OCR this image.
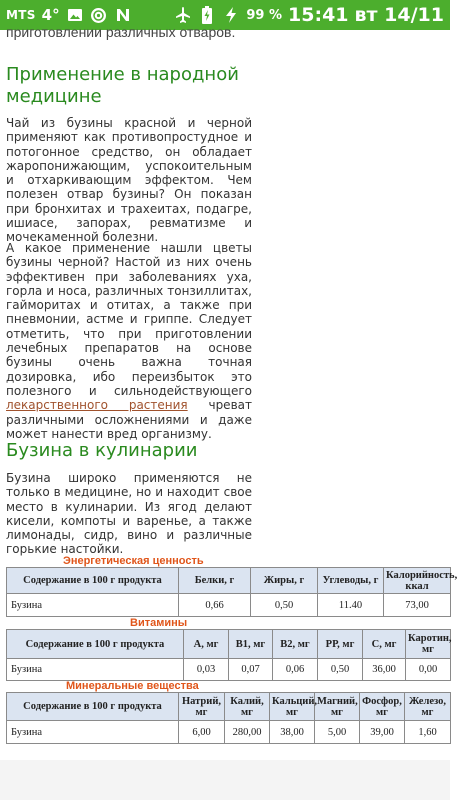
MTS 4°	99 % 15:41 вт 14/11
приготовлении различных отваров.
Применение в народной медицине

Чай из бузины красной и черной применяют как противопростудное и потогонное средство, он обладает жаропонижающим, успокоительным и отхаркивающим эффектом. Чем полезен отвар бузины? Он показан при бронхитах и трахеитах, подагре, ишиасе, запорах, ревматизме и мочекаменной болезни.

А какое применение нашли цветы бузины черной? Настой из них очень эффективен при заболеваниях уха, горла и носа, различных тонзиллитах, гайморитах и отитах, а также при пневмонии, астме и гриппе. Следует отметить, что при приготовлении лечебных препаратов на основе бузины очень важна точная дозировка, ибо переизбыток это полезного и сильнодействующего лекарственного растения чреват различными осложнениями и даже может нанести вред организму.

Бузина в кулинарии

Бузина широко применяются не только в медицине, но и находит свое место в кулинарии. Из ягод делают кисели, компоты и варенье, а также лимонады, сидр, вино и различные горькие настойки.

Энергетическая ценность
Содержание в 100 г продукта	Белки, г	Жиры, г	Углеводы, г	Калорийность, ккал
Бузина	0,66	0,50	11.40	73,00
Витамины
Содержание в 100 г продукта	А, мг	В1, мг	В2, мг	РР, мг	С, мг	Каротин, мг
Бузина	0,03	0,07	0,06	0,50	36,00	0,00
Минеральные вещества
Содержание в 100 г продукта	Натрий, мг	Калий, мг	Кальций, мг	Магний, мг	Фосфор, мг	Железо, мг
Бузина	6,00	280,00	38,00	5,00	39,00	1,60
